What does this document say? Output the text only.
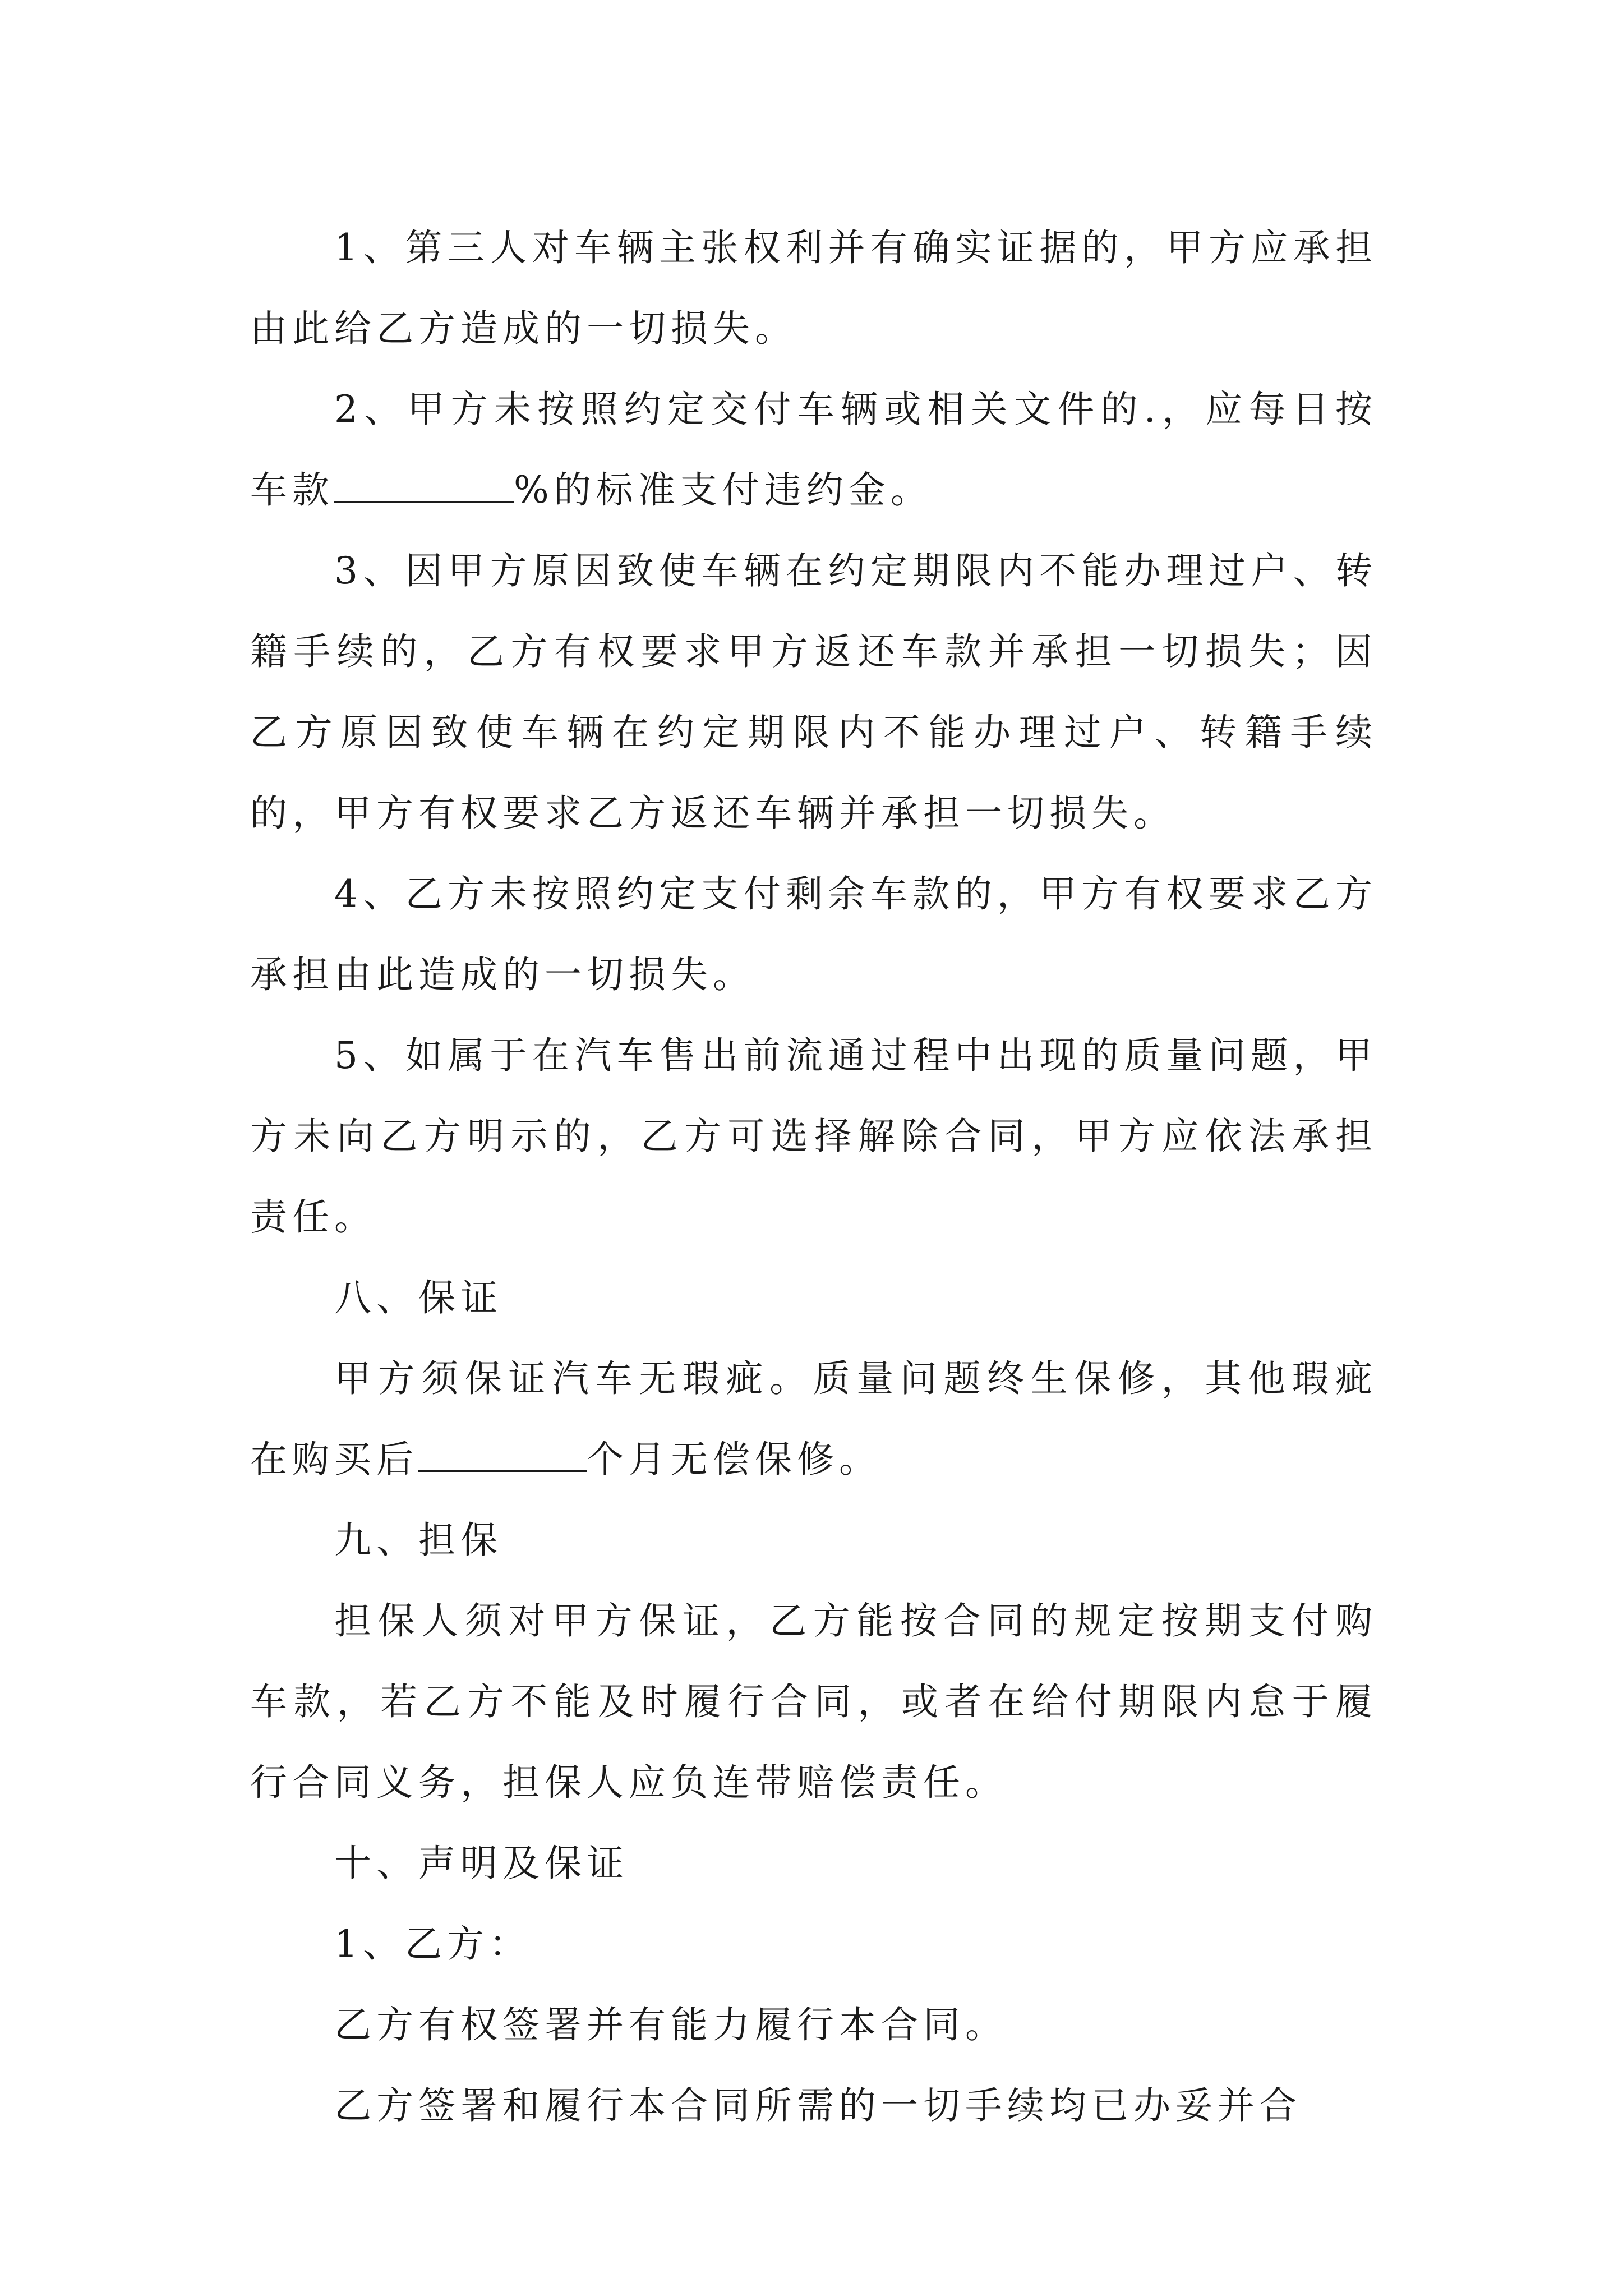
1、第三人对车辆主张权利并有确实证据的，甲方应承担由此给乙方造成的一切损失。

2、甲方未按照约定交付车辆或相关文件的.，应每日按车款	%的标准支付违约金。

3、因甲方原因致使车辆在约定期限内不能办理过户、转籍手续的，乙方有权要求甲方返还车款并承担一切损失；因乙方原因致使车辆在约定期限内不能办理过户、转籍手续的，甲方有权要求乙方返还车辆并承担一切损失。

4、乙方未按照约定支付剩余车款的，甲方有权要求乙方承担由此造成的一切损失。

5、如属于在汽车售出前流通过程中出现的质量问题，甲方未向乙方明示的，乙方可选择解除合同，甲方应依法承担责任。

八、保证

甲方须保证汽车无瑕疵。质量问题终生保修，其他瑕疵在购买后	个月无偿保修。

九、担保

担保人须对甲方保证，乙方能按合同的规定按期支付购车款，若乙方不能及时履行合同，或者在给付期限内怠于履行合同义务，担保人应负连带赔偿责任。

十、声明及保证

1、乙方：

乙方有权签署并有能力履行本合同。

乙方签署和履行本合同所需的一切手续均已办妥并合
